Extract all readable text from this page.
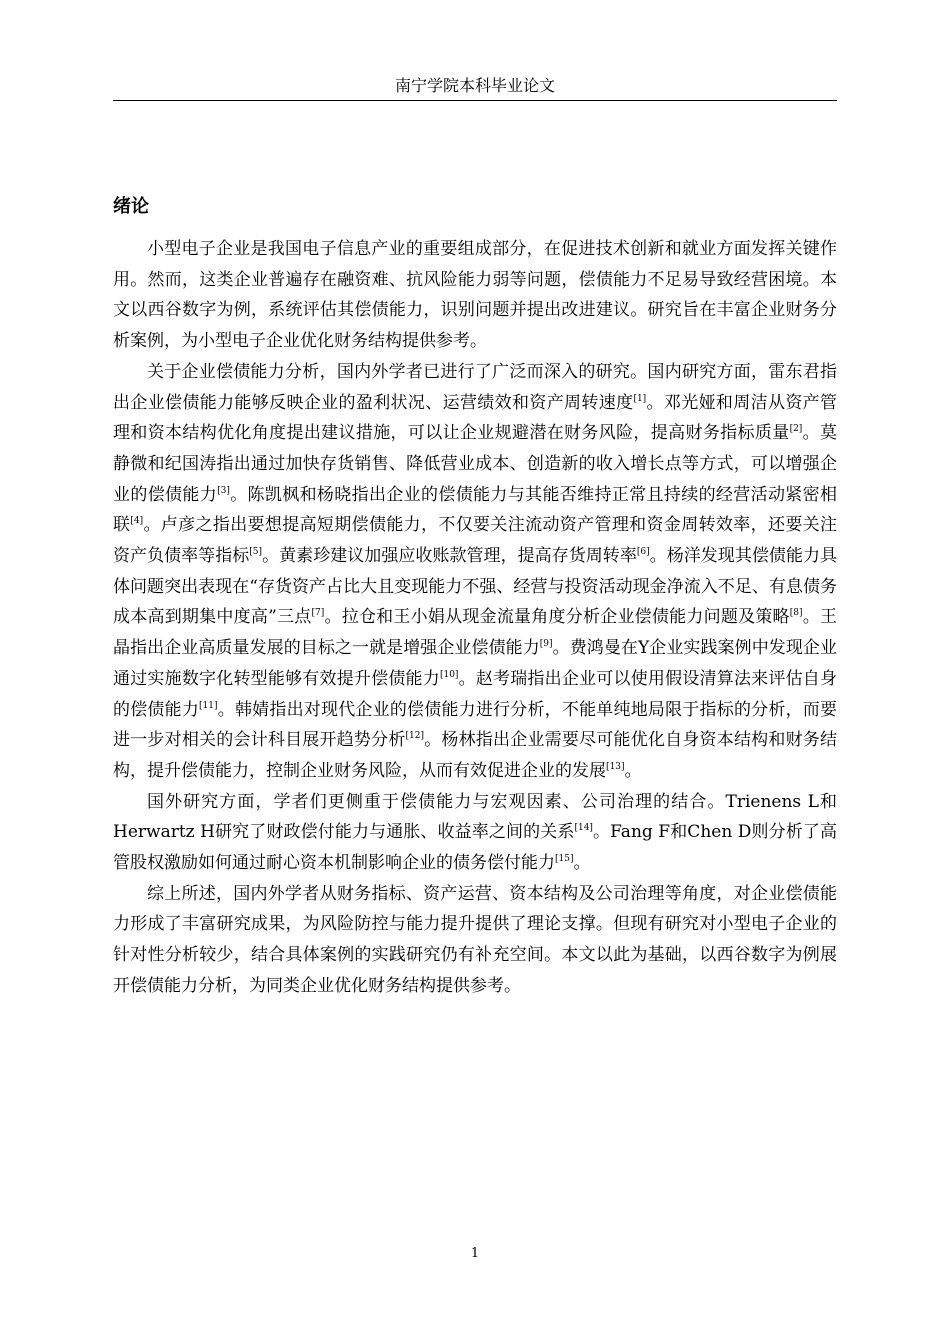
南宁学院本科毕业论文
绪论

小型电子企业是我国电子信息产业的重要组成部分，在促进技术创新和就业方面发挥关键作用。然而，这类企业普遍存在融资难、抗风险能力弱等问题，偿债能力不足易导致经营困境。本文以西谷数字为例，系统评估其偿债能力，识别问题并提出改进建议。研究旨在丰富企业财务分析案例，为小型电子企业优化财务结构提供参考。

关于企业偿债能力分析，国内外学者已进行了广泛而深入的研究。国内研究方面，雷东君指出企业偿债能力能够反映企业的盈利状况、运营绩效和资产周转速度[1]。邓光娅和周洁从资产管理和资本结构优化角度提出建议措施，可以让企业规避潜在财务风险，提高财务指标质量[2]。莫静微和纪国涛指出通过加快存货销售、降低营业成本、创造新的收入增长点等方式，可以增强企业的偿债能力[3]。陈凯枫和杨晓指出企业的偿债能力与其能否维持正常且持续的经营活动紧密相联[4]。卢彦之指出要想提高短期偿债能力，不仅要关注流动资产管理和资金周转效率，还要关注资产负债率等指标[5]。黄素珍建议加强应收账款管理，提高存货周转率[6]。杨洋发现其偿债能力具体问题突出表现在“存货资产占比大且变现能力不强、经营与投资活动现金净流入不足、有息债务成本高到期集中度高”三点[7]。拉仓和王小娟从现金流量角度分析企业偿债能力问题及策略[8]。王晶指出企业高质量发展的目标之一就是增强企业偿债能力[9]。费鸿曼在Y企业实践案例中发现企业通过实施数字化转型能够有效提升偿债能力[10]。赵考瑞指出企业可以使用假设清算法来评估自身的偿债能力[11]。韩婧指出对现代企业的偿债能力进行分析，不能单纯地局限于指标的分析，而要进一步对相关的会计科目展开趋势分析[12]。杨林指出企业需要尽可能优化自身资本结构和财务结构，提升偿债能力，控制企业财务风险，从而有效促进企业的发展[13]。

国外研究方面，学者们更侧重于偿债能力与宏观因素、公司治理的结合。Trienens L和Herwartz H研究了财政偿付能力与通胀、收益率之间的关系[14]。Fang F和Chen D则分析了高管股权激励如何通过耐心资本机制影响企业的债务偿付能力[15]。

综上所述，国内外学者从财务指标、资产运营、资本结构及公司治理等角度，对企业偿债能力形成了丰富研究成果，为风险防控与能力提升提供了理论支撑。但现有研究对小型电子企业的针对性分析较少，结合具体案例的实践研究仍有补充空间。本文以此为基础，以西谷数字为例展开偿债能力分析，为同类企业优化财务结构提供参考。

1
